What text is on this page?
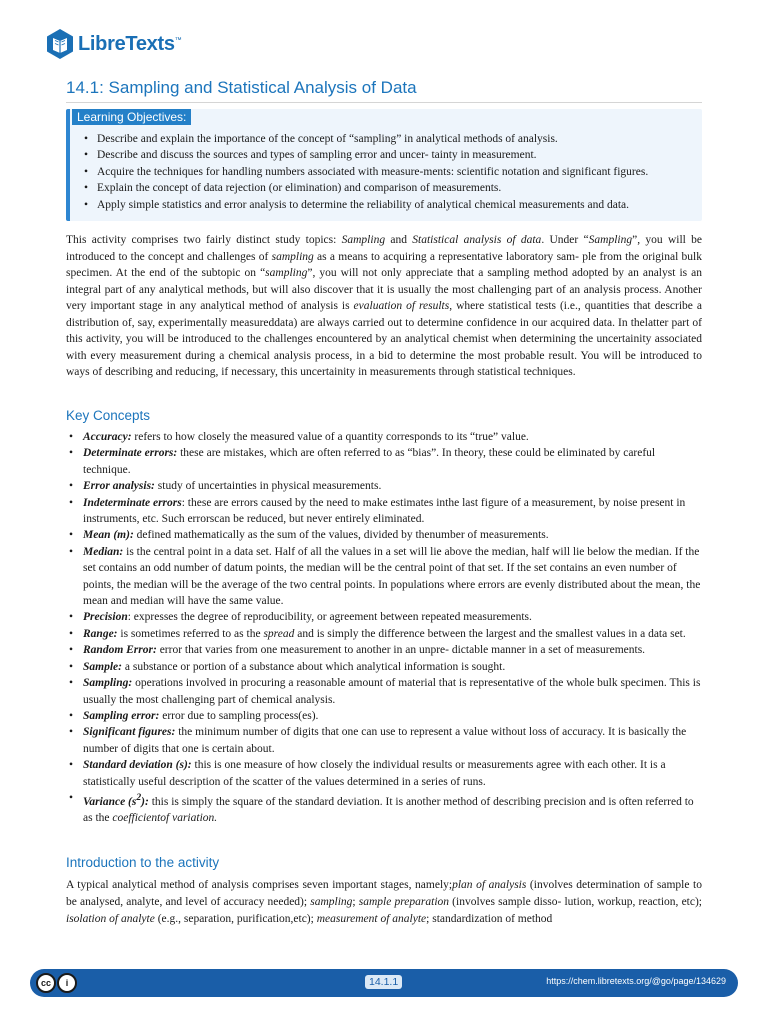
LibreTexts™
14.1: Sampling and Statistical Analysis of Data
Learning Objectives:
• Describe and explain the importance of the concept of “sampling” in analytical methods of analysis.
• Describe and discuss the sources and types of sampling error and uncer- tainty in measurement.
• Acquire the techniques for handling numbers associated with measure-ments: scientific notation and significant figures.
• Explain the concept of data rejection (or elimination) and comparison of measurements.
• Apply simple statistics and error analysis to determine the reliability of analytical chemical measurements and data.

This activity comprises two fairly distinct study topics: Sampling and Statistical analysis of data. Under “Sampling”, you will be introduced to the concept and challenges of sampling as a means to acquiring a representative laboratory sam- ple from the original bulk specimen. At the end of the subtopic on “sampling”, you will not only appreciate that a sampling method adopted by an analyst is an integral part of any analytical methods, but will also discover that it is usually the most challenging part of an analysis process. Another very important stage in any analytical method of analysis is evaluation of results, where statistical tests (i.e., quantities that describe a distribution of, say, experimentally measureddata) are always carried out to determine confidence in our acquired data. In thelatter part of this activity, you will be introduced to the challenges encountered by an analytical chemist when determining the uncertainity associated with every measurement during a chemical analysis process, in a bid to determine the most probable result. You will be introduced to ways of describing and reducing, if necessary, this uncertainity in measurements through statistical techniques.

Key Concepts
• Accuracy: refers to how closely the measured value of a quantity corresponds to its “true” value.
• Determinate errors: these are mistakes, which are often referred to as “bias”. In theory, these could be eliminated by careful technique.
• Error analysis: study of uncertainties in physical measurements.
• Indeterminate errors: these are errors caused by the need to make estimates inthe last figure of a measurement, by noise present in instruments, etc. Such errorscan be reduced, but never entirely eliminated.
• Mean (m): defined mathematically as the sum of the values, divided by thenumber of measurements.
• Median: is the central point in a data set. Half of all the values in a set will lie above the median, half will lie below the median. If the set contains an odd number of datum points, the median will be the central point of that set. If the set contains an even number of points, the median will be the average of the two central points. In populations where errors are evenly distributed about the mean, the mean and median will have the same value.
• Precision: expresses the degree of reproducibility, or agreement between repeated measurements.
• Range: is sometimes referred to as the spread and is simply the difference between the largest and the smallest values in a data set.
• Random Error: error that varies from one measurement to another in an unpre- dictable manner in a set of measurements.
• Sample: a substance or portion of a substance about which analytical information is sought.
• Sampling: operations involved in procuring a reasonable amount of material that is representative of the whole bulk specimen. This is usually the most challenging part of chemical analysis.
• Sampling error: error due to sampling process(es).
• Significant figures: the minimum number of digits that one can use to represent a value without loss of accuracy. It is basically the number of digits that one is certain about.
• Standard deviation (s): this is one measure of how closely the individual results or measurements agree with each other. It is a statistically useful description of the scatter of the values determined in a series of runs.
• Variance $(s^2)$: this is simply the square of the standard deviation. It is another method of describing precision and is often referred to as the coefficientof variation.
Introduction to the activity

A typical analytical method of analysis comprises seven important stages, namely;plan of analysis (involves determination of sample to be analysed, analyte, and level of accuracy needed); sampling; sample preparation (involves sample disso- lution, workup, reaction, etc); isolation of analyte (e.g., separation, purification,etc); measurement of analyte; standardization of method

cc	i	14.1.1	https://chem.libretexts.org/@go/page/134629
